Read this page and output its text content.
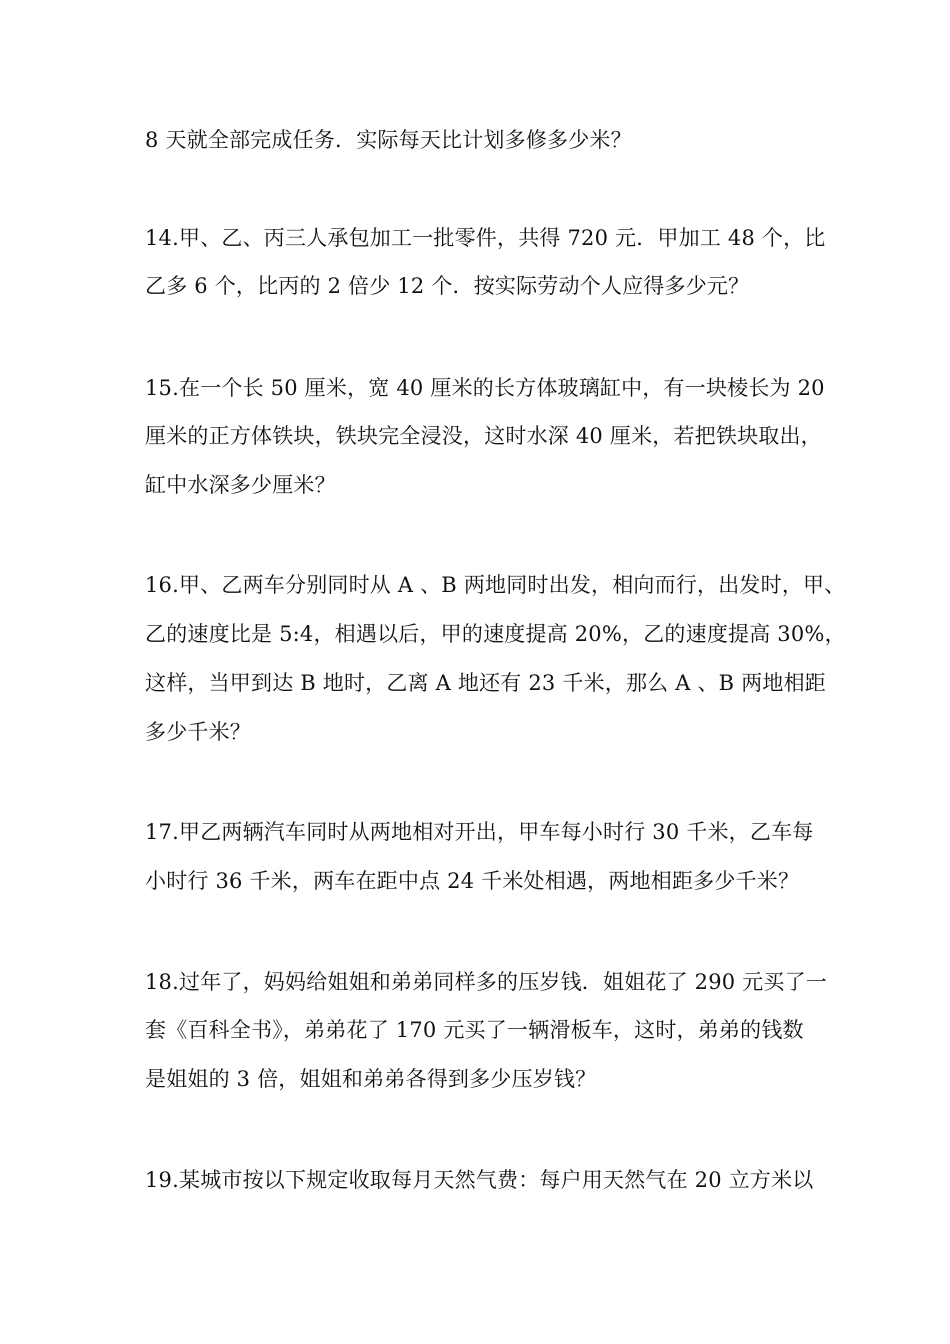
8 天就全部完成任务．实际每天比计划多修多少米？
14.甲、乙、丙三人承包加工一批零件，共得 720 元．甲加工 48 个，比
乙多 6 个，比丙的 2 倍少 12 个．按实际劳动个人应得多少元？
15.在一个长 50 厘米，宽 40 厘米的长方体玻璃缸中，有一块棱长为 20
厘米的正方体铁块，铁块完全浸没，这时水深 40 厘米，若把铁块取出，
缸中水深多少厘米？
16.甲、乙两车分别同时从 A 、B 两地同时出发，相向而行，出发时，甲、
乙的速度比是 5:4，相遇以后，甲的速度提高 20%，乙的速度提高 30%，
这样，当甲到达 B 地时，乙离 A 地还有 23 千米，那么 A 、B 两地相距
多少千米？
17.甲乙两辆汽车同时从两地相对开出，甲车每小时行 30 千米，乙车每
小时行 36 千米，两车在距中点 24 千米处相遇，两地相距多少千米？
18.过年了，妈妈给姐姐和弟弟同样多的压岁钱．姐姐花了 290 元买了一
套《百科全书》，弟弟花了 170 元买了一辆滑板车，这时，弟弟的钱数
是姐姐的 3 倍，姐姐和弟弟各得到多少压岁钱？
19.某城市按以下规定收取每月天然气费：每户用天然气在 20 立方米以
